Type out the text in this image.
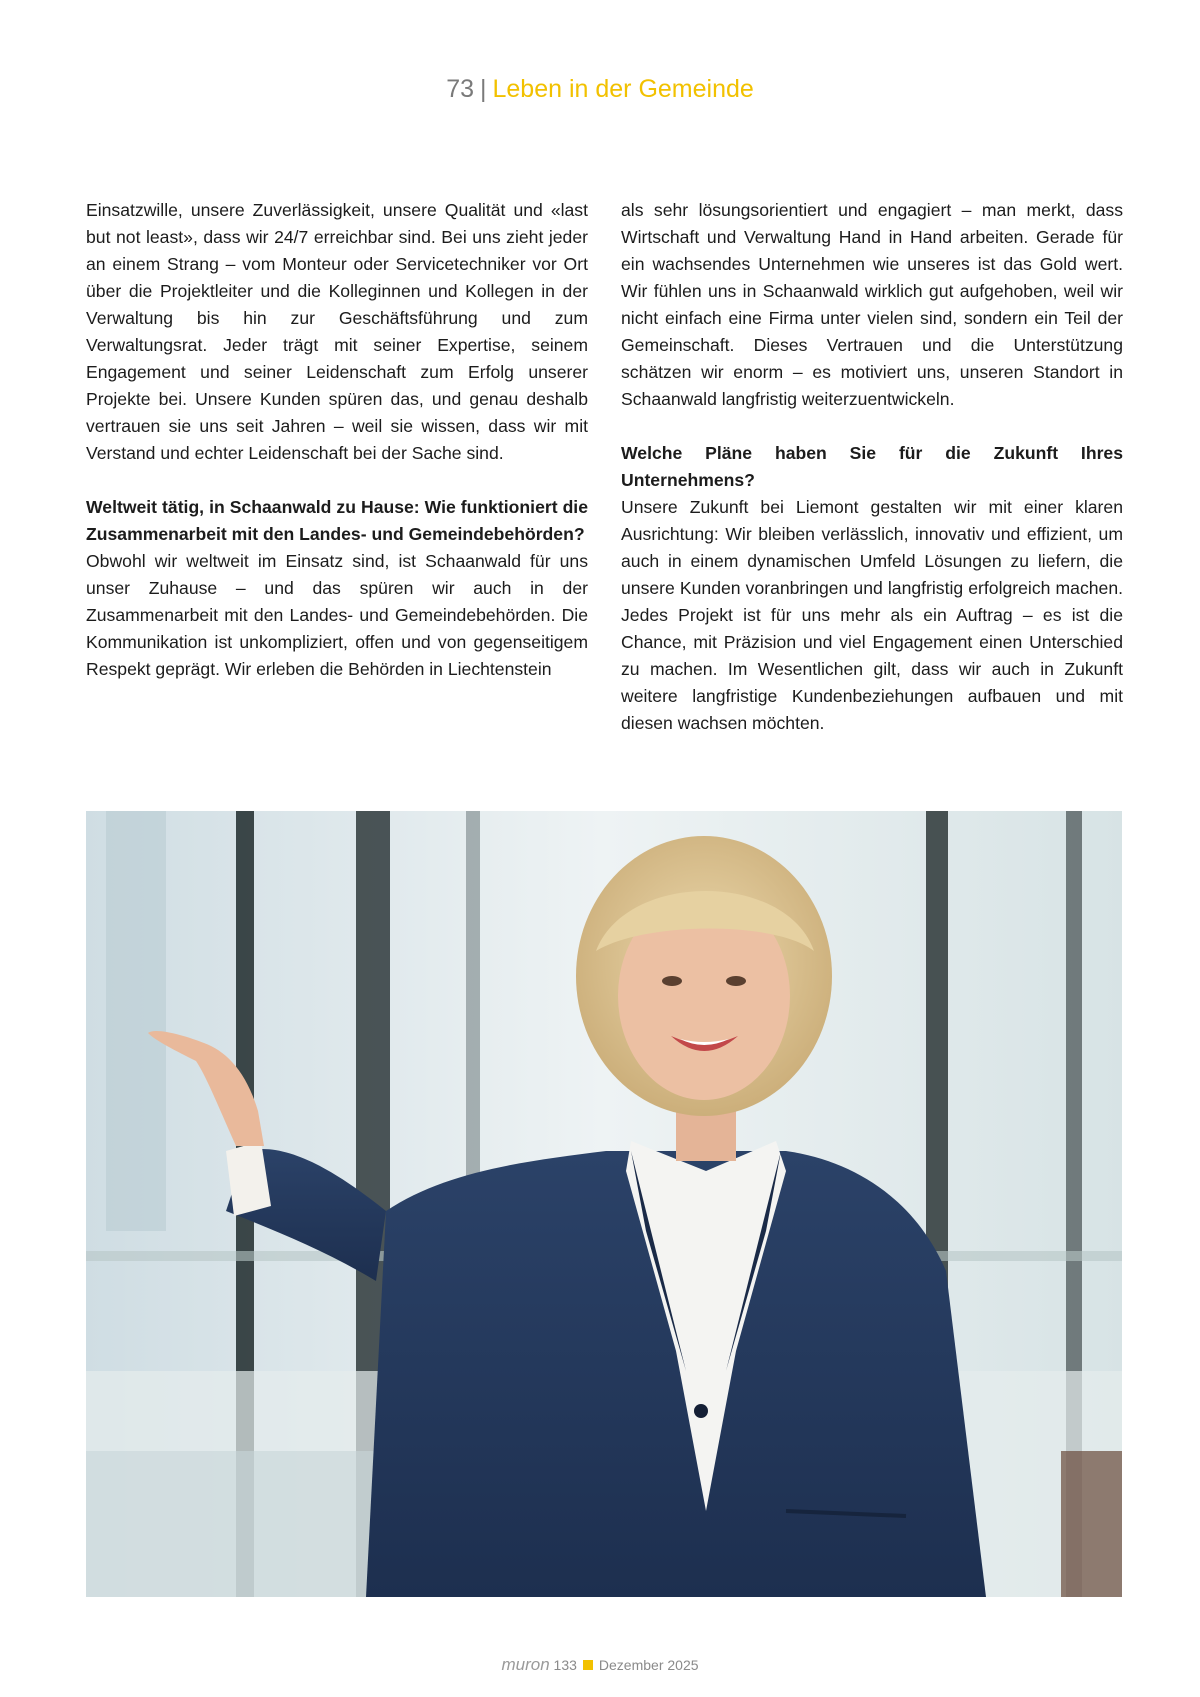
73 | Leben in der Gemeinde

Einsatzwille, unsere Zuverlässigkeit, unsere Qualität und «last but not least», dass wir 24/7 erreichbar sind. Bei uns zieht jeder an einem Strang – vom Monteur oder Servicetechniker vor Ort über die Projektleiter und die Kolleginnen und Kollegen in der Verwaltung bis hin zur Geschäftsführung und zum Verwaltungsrat. Jeder trägt mit seiner Expertise, seinem Engagement und seiner Leidenschaft zum Erfolg unserer Projekte bei. Unsere Kunden spüren das, und genau deshalb vertrauen sie uns seit Jahren – weil sie wissen, dass wir mit Verstand und echter Leidenschaft bei der Sache sind.

Weltweit tätig, in Schaanwald zu Hause: Wie funktioniert die Zusammenarbeit mit den Landes- und Gemeindebehörden?

Obwohl wir weltweit im Einsatz sind, ist Schaanwald für uns unser Zuhause – und das spüren wir auch in der Zusammenarbeit mit den Landes- und Gemeindebehörden. Die Kommunikation ist unkompliziert, offen und von gegenseitigem Respekt geprägt. Wir erleben die Behörden in Liechtenstein

als sehr lösungsorientiert und engagiert – man merkt, dass Wirtschaft und Verwaltung Hand in Hand arbeiten. Gerade für ein wachsendes Unternehmen wie unseres ist das Gold wert. Wir fühlen uns in Schaanwald wirklich gut aufgehoben, weil wir nicht einfach eine Firma unter vielen sind, sondern ein Teil der Gemeinschaft. Dieses Vertrauen und die Unterstützung schätzen wir enorm – es motiviert uns, unseren Standort in Schaanwald langfristig weiterzuentwickeln.

Welche Pläne haben Sie für die Zukunft Ihres Unternehmens?

Unsere Zukunft bei Liemont gestalten wir mit einer klaren Ausrichtung: Wir bleiben verlässlich, innovativ und effizient, um auch in einem dynamischen Umfeld Lösungen zu liefern, die unsere Kunden voranbringen und langfristig erfolgreich machen. Jedes Projekt ist für uns mehr als ein Auftrag – es ist die Chance, mit Präzision und viel Engagement einen Unterschied zu machen. Im Wesentlichen gilt, dass wir auch in Zukunft weitere langfristige Kundenbeziehungen aufbauen und mit diesen wachsen möchten.

muron 133 Dezember 2025
